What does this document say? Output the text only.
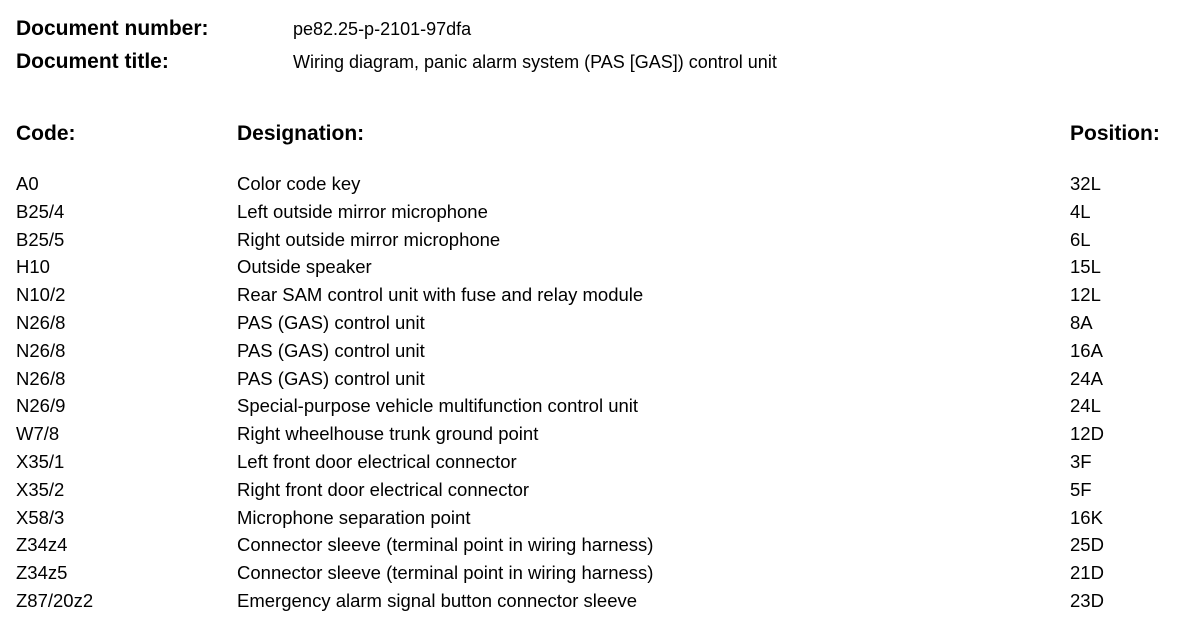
Document number:	pe82.25-p-2101-97dfa
Document title:	Wiring diagram, panic alarm system (PAS [GAS]) control unit
Code:	Designation:	Position:
A0	Color code key	32L
B25/4	Left outside mirror microphone	4L
B25/5	Right outside mirror microphone	6L
H10	Outside speaker	15L
N10/2	Rear SAM control unit with fuse and relay module	12L
N26/8	PAS (GAS) control unit	8A
N26/8	PAS (GAS) control unit	16A
N26/8	PAS (GAS) control unit	24A
N26/9	Special-purpose vehicle multifunction control unit	24L
W7/8	Right wheelhouse trunk ground point	12D
X35/1	Left front door electrical connector	3F
X35/2	Right front door electrical connector	5F
X58/3	Microphone separation point	16K
Z34z4	Connector sleeve (terminal point in wiring harness)	25D
Z34z5	Connector sleeve (terminal point in wiring harness)	21D
Z87/20z2	Emergency alarm signal button connector sleeve	23D
